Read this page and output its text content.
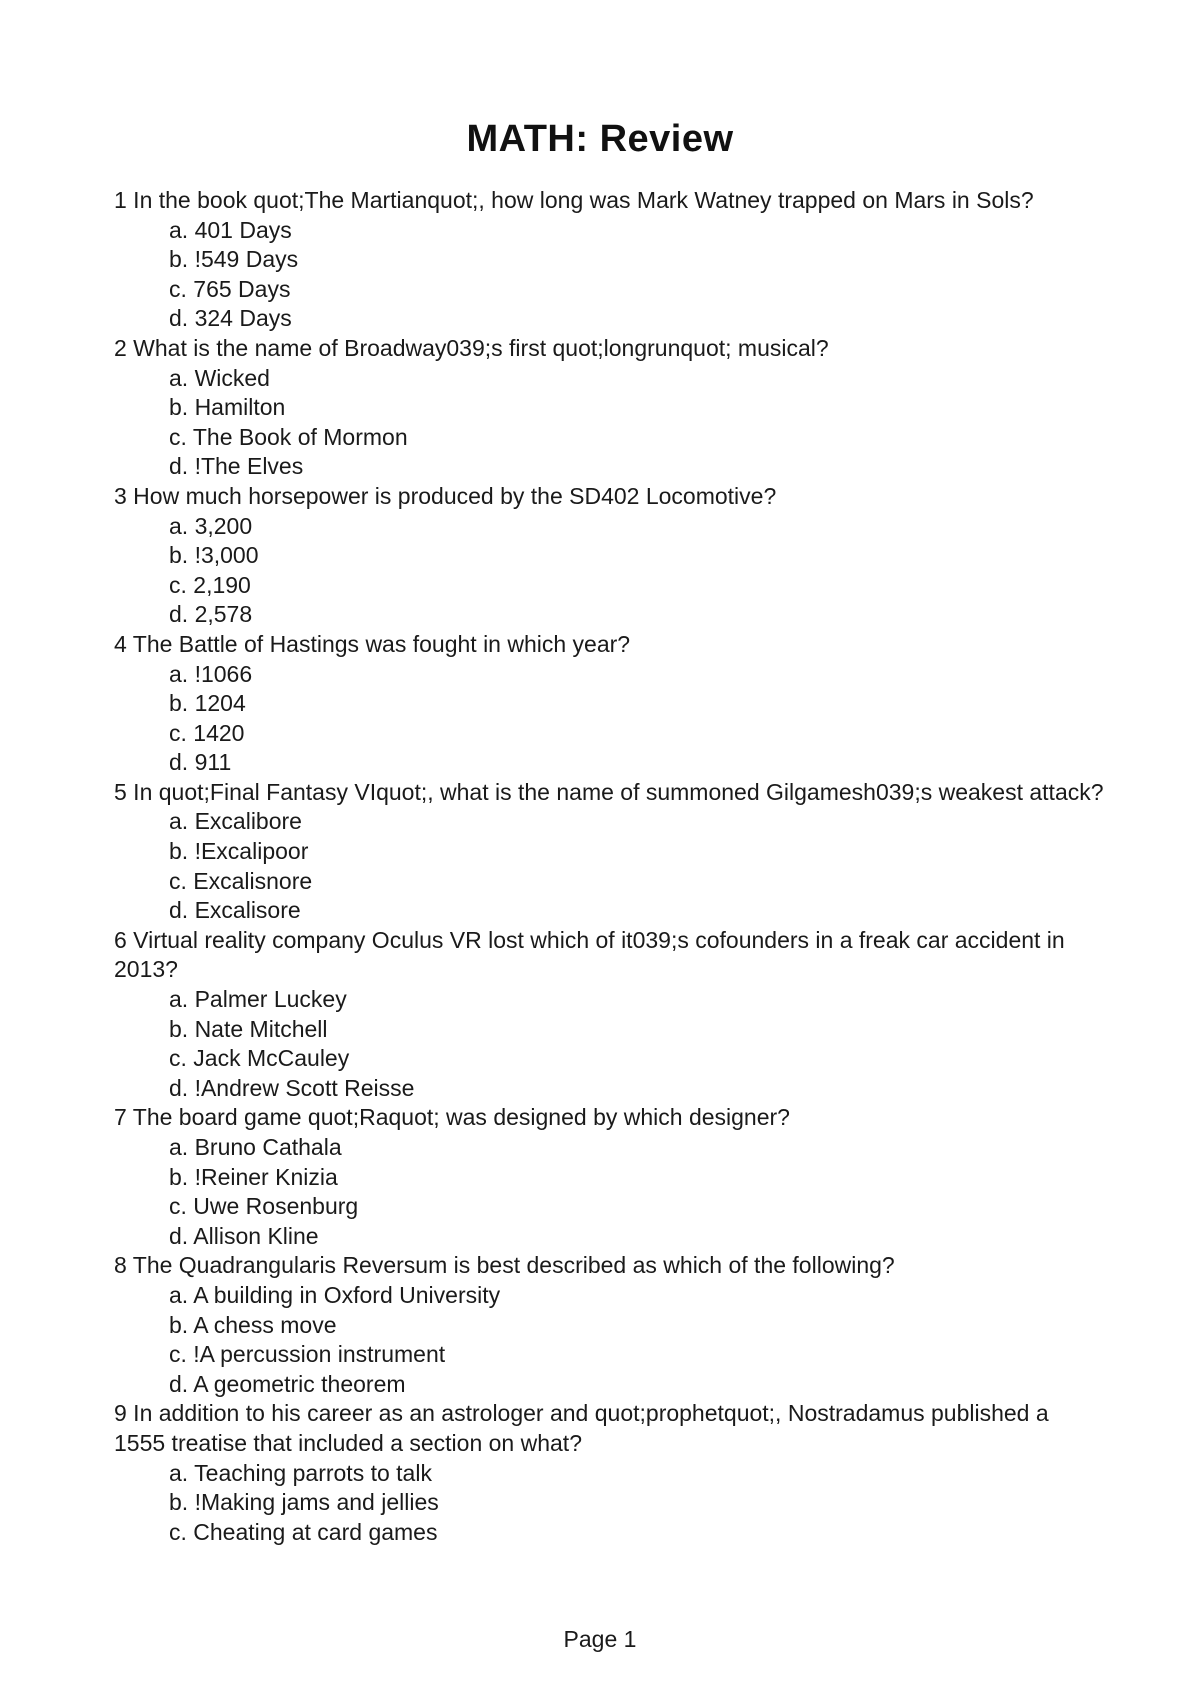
MATH: Review
1 In the book quot;The Martianquot;, how long was Mark Watney trapped on Mars in Sols?
a. 401 Days
b. !549 Days
c. 765 Days
d. 324 Days
2 What is the name of Broadway039;s first quot;longrunquot; musical?
a. Wicked
b. Hamilton
c. The Book of Mormon
d. !The Elves
3 How much horsepower is produced by the SD402 Locomotive?
a. 3,200
b. !3,000
c. 2,190
d. 2,578
4 The Battle of Hastings was fought in which year?
a. !1066
b. 1204
c. 1420
d. 911
5 In quot;Final Fantasy VIquot;, what is the name of summoned Gilgamesh039;s weakest attack?
a. Excalibore
b. !Excalipoor
c. Excalisnore
d. Excalisore
6 Virtual reality company Oculus VR lost which of it039;s cofounders in a freak car accident in 2013?
a. Palmer Luckey
b. Nate Mitchell
c. Jack McCauley
d. !Andrew Scott Reisse
7 The board game quot;Raquot; was designed by which designer?
a. Bruno Cathala
b. !Reiner Knizia
c. Uwe Rosenburg
d. Allison Kline
8 The Quadrangularis Reversum is best described as which of the following?
a. A building in Oxford University
b. A chess move
c. !A percussion instrument
d. A geometric theorem
9 In addition to his career as an astrologer and quot;prophetquot;, Nostradamus published a 1555 treatise that included a section on what?
a. Teaching parrots to talk
b. !Making jams and jellies
c. Cheating at card games
Page 1
